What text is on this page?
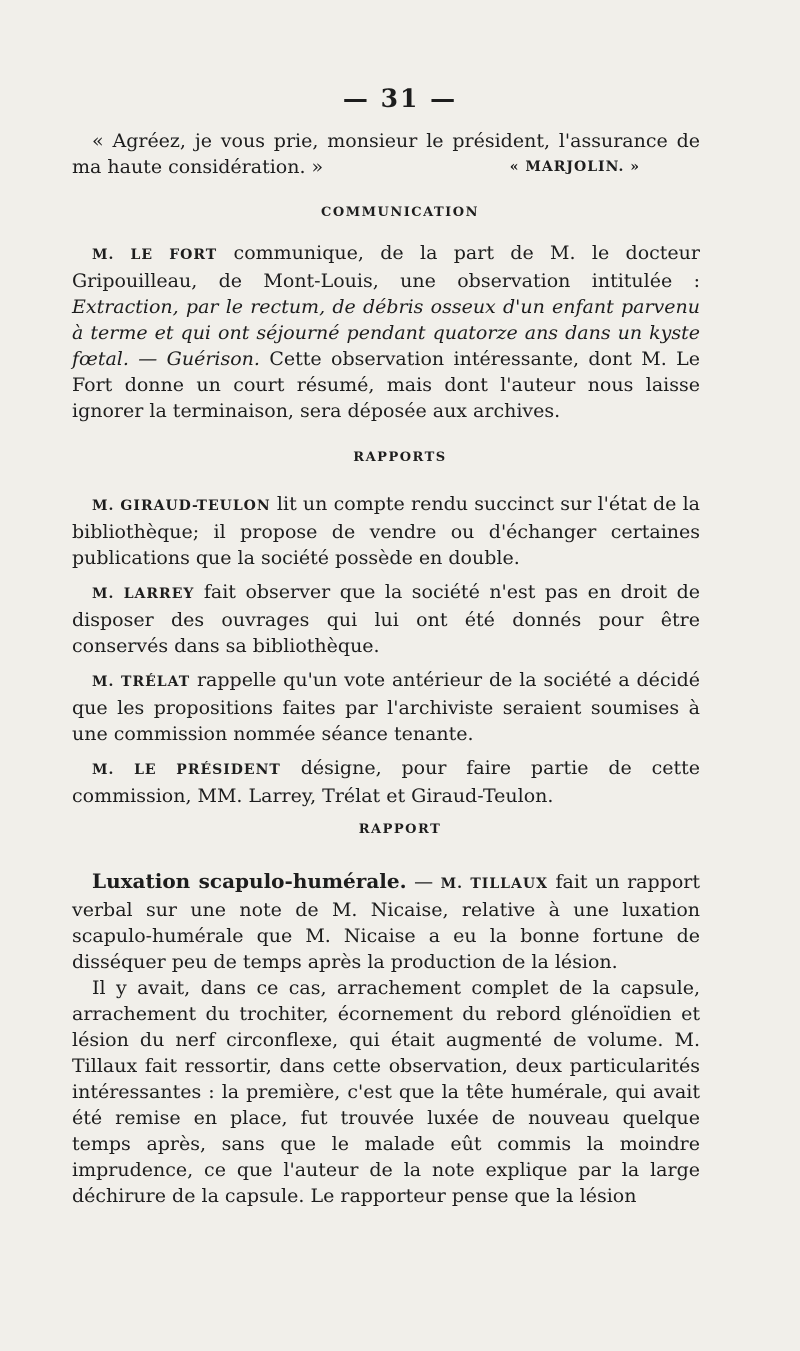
— 31 —

« Agréez, je vous prie, monsieur le président, l'assurance de ma haute considération. »	« MARJOLIN. »

COMMUNICATION

M. LE FORT communique, de la part de M. le docteur Gripouilleau, de Mont-Louis, une observation intitulée : Extraction, par le rectum, de débris osseux d'un enfant parvenu à terme et qui ont séjourné pendant quatorze ans dans un kyste fœtal. — Guérison. Cette observation intéressante, dont M. Le Fort donne un court résumé, mais dont l'auteur nous laisse ignorer la terminaison, sera déposée aux archives.

RAPPORTS

M. GIRAUD-TEULON lit un compte rendu succinct sur l'état de la bibliothèque; il propose de vendre ou d'échanger certaines publications que la société possède en double.

M. LARREY fait observer que la société n'est pas en droit de disposer des ouvrages qui lui ont été donnés pour être conservés dans sa bibliothèque.

M. TRÉLAT rappelle qu'un vote antérieur de la société a décidé que les propositions faites par l'archiviste seraient soumises à une commission nommée séance tenante.

M. LE PRÉSIDENT désigne, pour faire partie de cette commission, MM. Larrey, Trélat et Giraud-Teulon.

RAPPORT

Luxation scapulo-humérale. — M. TILLAUX fait un rapport verbal sur une note de M. Nicaise, relative à une luxation scapulo-humérale que M. Nicaise a eu la bonne fortune de disséquer peu de temps après la production de la lésion.

Il y avait, dans ce cas, arrachement complet de la capsule, arrachement du trochiter, écornement du rebord glénoïdien et lésion du nerf circonflexe, qui était augmenté de volume. M. Tillaux fait ressortir, dans cette observation, deux particularités intéressantes : la première, c'est que la tête humérale, qui avait été remise en place, fut trouvée luxée de nouveau quelque temps après, sans que le malade eût commis la moindre imprudence, ce que l'auteur de la note explique par la large déchirure de la capsule. Le rapporteur pense que la lésion
